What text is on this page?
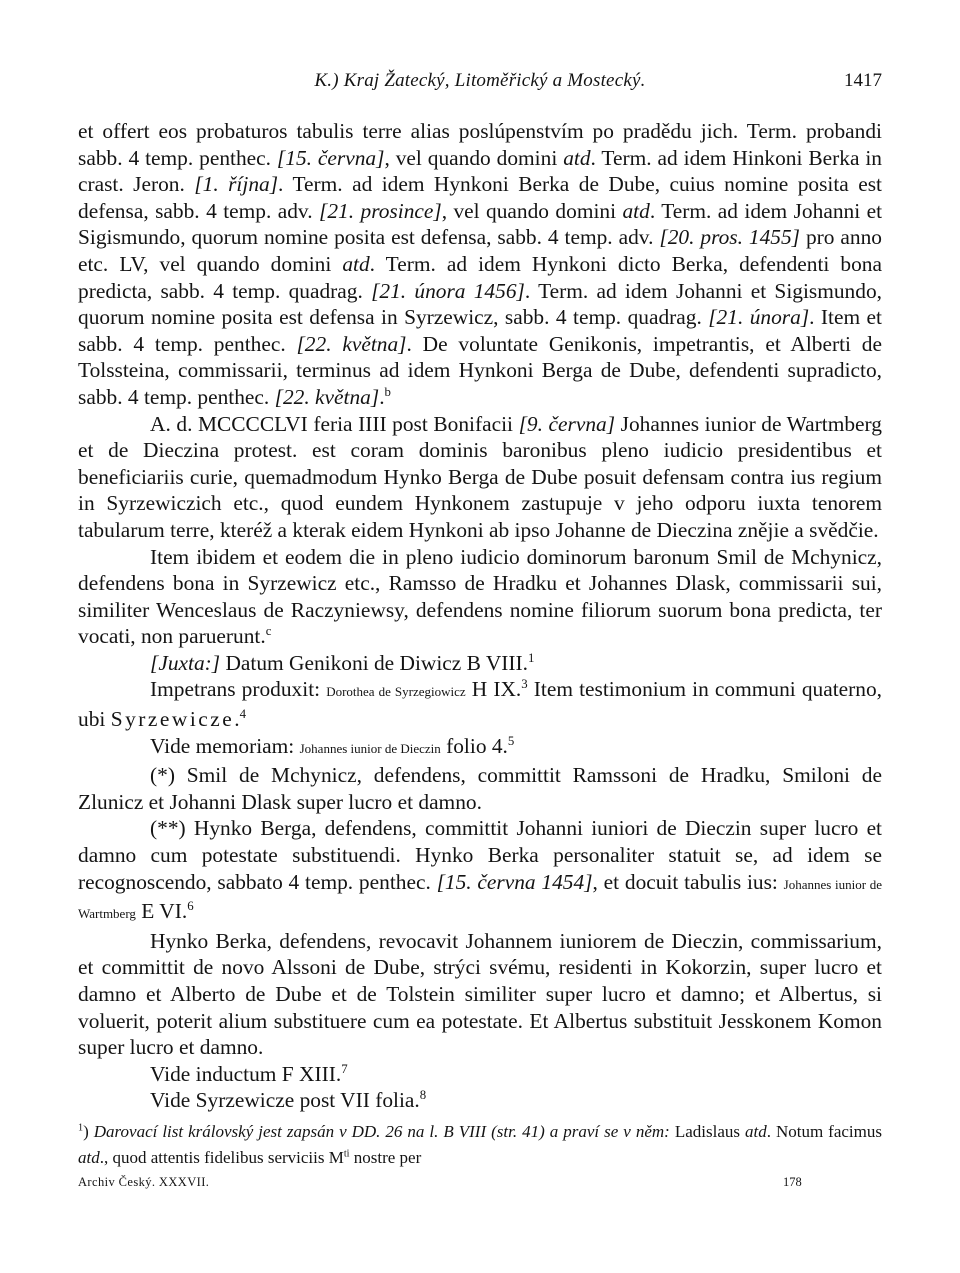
K.) Kraj Žatecký, Litoměřický a Mostecký.	1417

et offert eos probaturos tabulis terre alias poslúpenstvím po pradědu jich. Term. probandi sabb. 4 temp. penthec. [15. června], vel quando domini atd. Term. ad idem Hinkoni Berka in crast. Jeron. [1. října]. Term. ad idem Hynkoni Berka de Dube, cuius nomine posita est defensa, sabb. 4 temp. adv. [21. prosince], vel quando domini atd. Term. ad idem Johanni et Sigismundo, quorum nomine posita est defensa, sabb. 4 temp. adv. [20. pros. 1455] pro anno etc. LV, vel quando domini atd. Term. ad idem Hynkoni dicto Berka, defendenti bona predicta, sabb. 4 temp. quadrag. [21. února 1456]. Term. ad idem Johanni et Sigismundo, quorum nomine posita est defensa in Syrzewicz, sabb. 4 temp. quadrag. [21. února]. Item et sabb. 4 temp. penthec. [22. května]. De voluntate Genikonis, impetrantis, et Alberti de Tolssteina, commissarii, terminus ad idem Hynkoni Berga de Dube, defendenti supradicto, sabb. 4 temp. penthec. [22. května].$^b$

A. d. MCCCCLVI feria IIII post Bonifacii [9. června] Johannes iunior de Wartmberg et de Dieczina protest. est coram dominis baronibus pleno iudicio presidentibus et beneficiariis curie, quemadmodum Hynko Berga de Dube posuit defensam contra ius regium in Syrzewiczich etc., quod eundem Hynkonem zastupuje v jeho odporu iuxta tenorem tabularum terre, kteréž a kterak eidem Hynkoni ab ipso Johanne de Dieczina znějie a svědčie.

Item ibidem et eodem die in pleno iudicio dominorum baronum Smil de Mchynicz, defendens bona in Syrzewicz etc., Ramsso de Hradku et Johannes Dlask, commissarii sui, similiter Wenceslaus de Raczyniewsy, defendens nomine filiorum suorum bona predicta, ter vocati, non paruerunt.$^c$

[Juxta:] Datum Genikoni de Diwicz B VIII.$^1$

Impetrans produxit: Dorothea de Syrzegiowicz H IX.$^3$ Item testimonium in communi quaterno, ubi Syrzewicze.$^4$

Vide memoriam: Johannes iunior de Dieczin folio 4.$^5$

(*) Smil de Mchynicz, defendens, committit Ramssoni de Hradku, Smiloni de Zlunicz et Johanni Dlask super lucro et damno.

(**) Hynko Berga, defendens, committit Johanni iuniori de Dieczin super lucro et damno cum potestate substituendi. Hynko Berka personaliter statuit se, ad idem se recognoscendo, sabbato 4 temp. penthec. [15. června 1454], et docuit tabulis ius: Johannes iunior de Wartmberg E VI.$^6$

Hynko Berka, defendens, revocavit Johannem iuniorem de Dieczin, commissarium, et committit de novo Alssoni de Dube, strýci svému, residenti in Kokorzin, super lucro et damno et Alberto de Dube et de Tolstein similiter super lucro et damno; et Albertus, si voluerit, poterit alium substituere cum ea potestate. Et Albertus substituit Jesskonem Komon super lucro et damno.

Vide inductum F XIII.$^7$

Vide Syrzewicze post VII folia.$^8$

$^1$) Darovací list královský jest zapsán v DD. 26 na l. B VIII (str. 41) a praví se v něm: Ladislaus atd. Notum facimus atd., quod attentis fidelibus serviciis $M^{ti}$ nostre per

Archiv Český. XXXVII.	178
